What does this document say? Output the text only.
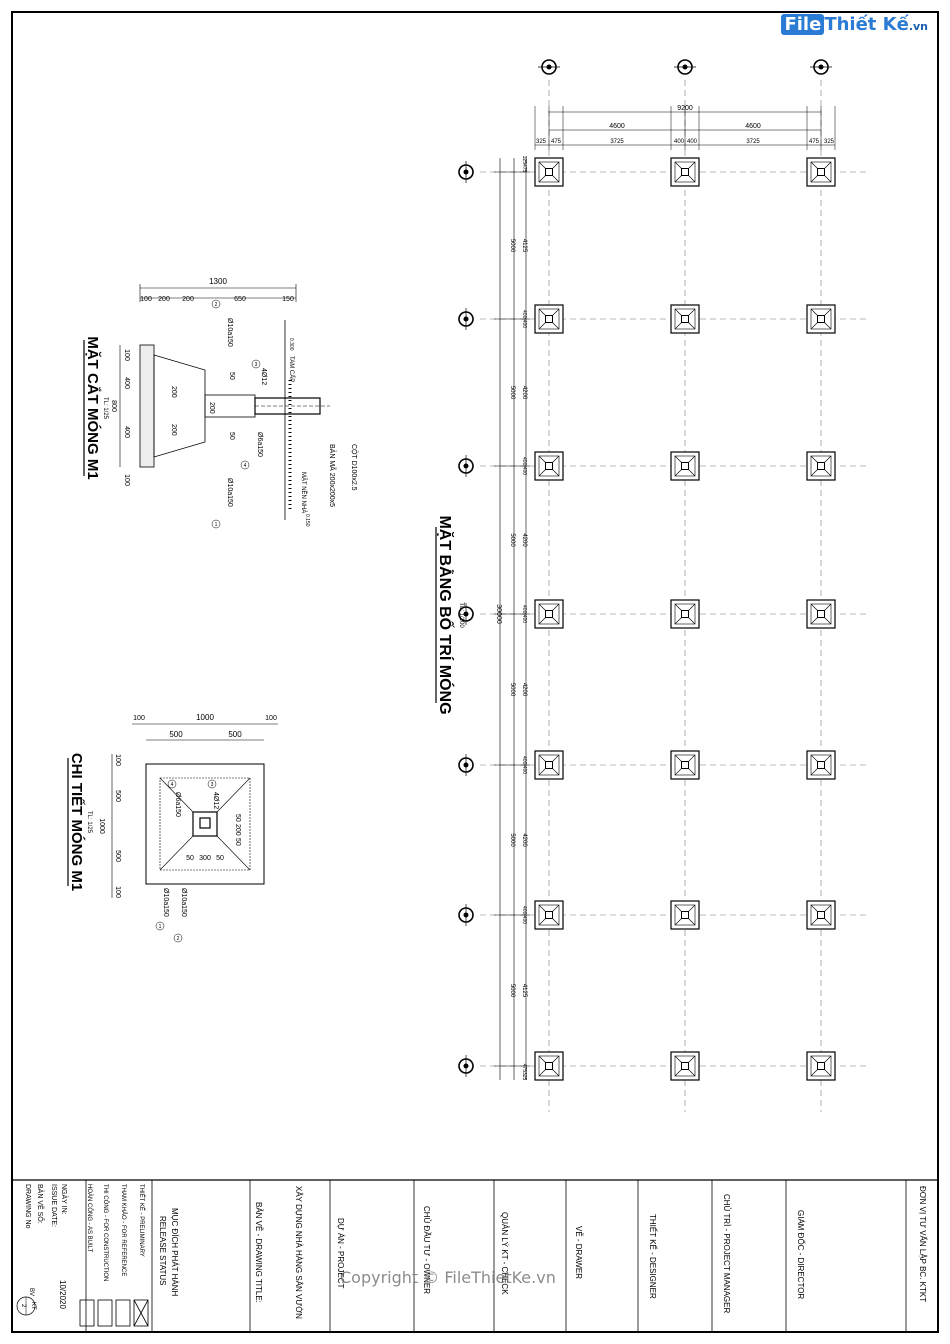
9200
4600	4600
325 475	3725	400 400	3725	475 325
30000
5000 4125
5000 4200
5000 4200
5000 4200
5000 4200
5000 4125
400|400
400|400
400|400
400|400
400|400
325475
475325
MẶT BẰNG BỐ TRÍ MÓNG TL: 1/100
1300
100 200 200	650	150
100
400
800
400
100
200
200
50
200
50
Ø10a150
Ø10a150
4Ø12
Ø6a150	CỘT D100x2.5
BẢN MÃ 200x200x5
MẶT NỀN NHÀ
TAM CẤP
0.300
0.150
1
2
3
4
MẶT CẮT MÓNG M1 TL: 1/25
100	1000	100
500	500
100
500
1000
500
100
50 300 50
50
200
50
Ø10a150 Ø10a150
4Ø12
Ø6a150
1
2
3
4
CHI TIẾT MÓNG M1 TL: 1/25
ĐƠN VỊ TƯ VẤN LẬP BC. KTKT
GIÁM ĐỐC - DIRECTOR
CHỦ TRÌ - PROJECT MANAGER
THIẾT KẾ - DESIGNER
VẼ - DRAWER
QUẢN LÝ KT - CHECK
CHỦ ĐẦU TƯ - OWNER
DỰ ÁN - PROJECT
XÂY DỰNG NHÀ HÀNG SÂN VƯỜN
BẢN VẼ - DRAWING TITLE:
MỤC ĐÍCH PHÁT HÀNH
RELEASE STATUS
THIẾT KẾ - PRELIMINARY
THAM KHẢO - FOR REFERENCE
THI CÔNG - FOR CONSTRUCTION
HOÀN CÔNG - AS BUILT
NGÀY IN:
ISSUE DATE:
10/2020
BẢN VẼ SỐ:
DRAWING No
BV
KT
2
File Thiết Kế.vn
Copyright © FileThietKe.vn
